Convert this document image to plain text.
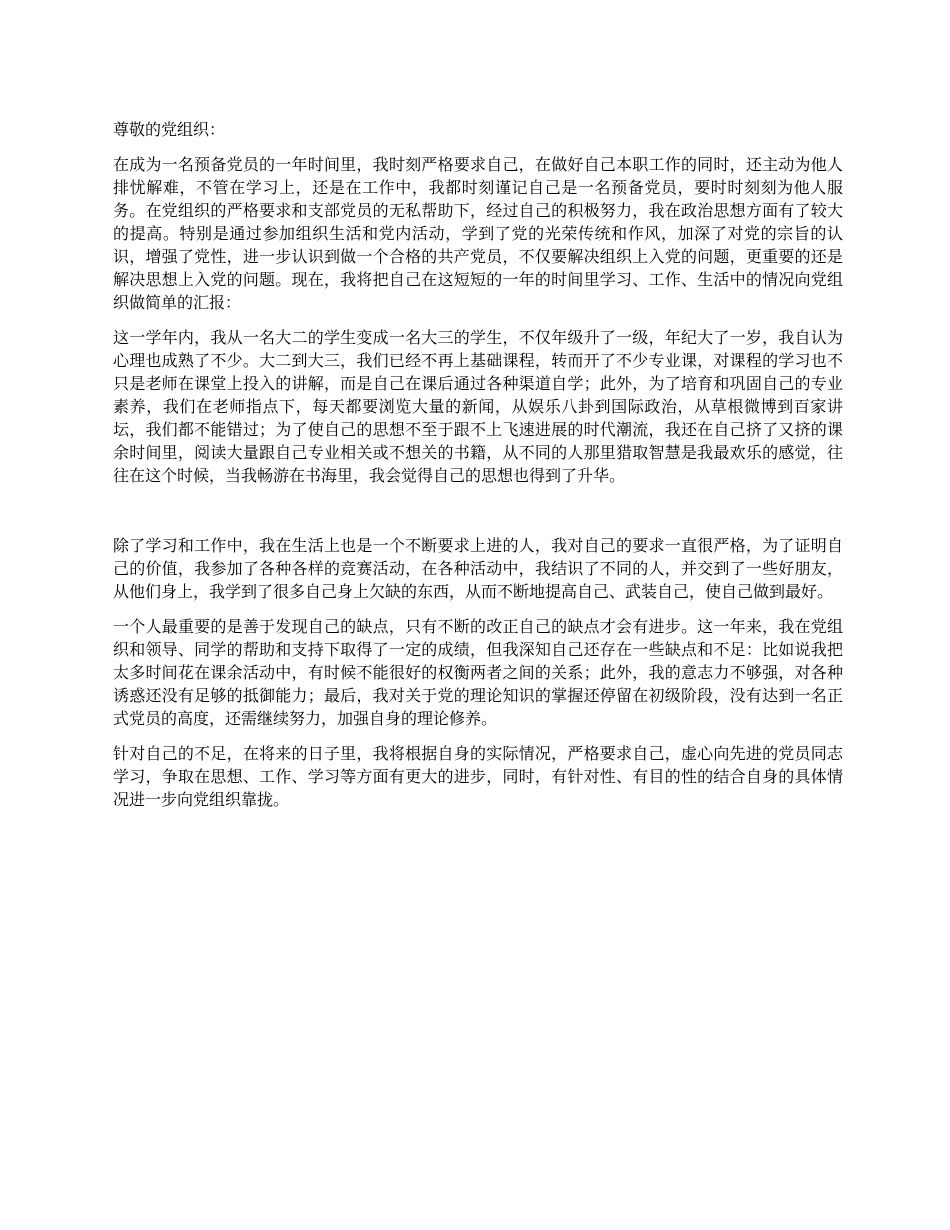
尊敬的党组织：

在成为一名预备党员的一年时间里，我时刻严格要求自己，在做好自己本职工作的同时，还主动为他人排忧解难，不管在学习上，还是在工作中，我都时刻谨记自己是一名预备党员，要时时刻刻为他人服务。在党组织的严格要求和支部党员的无私帮助下，经过自己的积极努力，我在政治思想方面有了较大的提高。特别是通过参加组织生活和党内活动，学到了党的光荣传统和作风，加深了对党的宗旨的认识，增强了党性，进一步认识到做一个合格的共产党员，不仅要解决组织上入党的问题，更重要的还是解决思想上入党的问题。现在，我将把自己在这短短的一年的时间里学习、工作、生活中的情况向党组织做简单的汇报：

这一学年内，我从一名大二的学生变成一名大三的学生，不仅年级升了一级，年纪大了一岁，我自认为心理也成熟了不少。大二到大三，我们已经不再上基础课程，转而开了不少专业课，对课程的学习也不只是老师在课堂上投入的讲解，而是自己在课后通过各种渠道自学；此外，为了培育和巩固自己的专业素养，我们在老师指点下，每天都要浏览大量的新闻，从娱乐八卦到国际政治，从草根微博到百家讲坛，我们都不能错过；为了使自己的思想不至于跟不上飞速进展的时代潮流，我还在自己挤了又挤的课余时间里，阅读大量跟自己专业相关或不想关的书籍，从不同的人那里猎取智慧是我最欢乐的感觉，往往在这个时候，当我畅游在书海里，我会觉得自己的思想也得到了升华。

除了学习和工作中，我在生活上也是一个不断要求上进的人，我对自己的要求一直很严格，为了证明自己的价值，我参加了各种各样的竞赛活动，在各种活动中，我结识了不同的人，并交到了一些好朋友，从他们身上，我学到了很多自己身上欠缺的东西，从而不断地提高自己、武装自己，使自己做到最好。

一个人最重要的是善于发现自己的缺点，只有不断的改正自己的缺点才会有进步。这一年来，我在党组织和领导、同学的帮助和支持下取得了一定的成绩，但我深知自己还存在一些缺点和不足：比如说我把太多时间花在课余活动中，有时候不能很好的权衡两者之间的关系；此外，我的意志力不够强，对各种诱惑还没有足够的抵御能力；最后，我对关于党的理论知识的掌握还停留在初级阶段，没有达到一名正式党员的高度，还需继续努力，加强自身的理论修养。

针对自己的不足，在将来的日子里，我将根据自身的实际情况，严格要求自己，虚心向先进的党员同志学习，争取在思想、工作、学习等方面有更大的进步，同时，有针对性、有目的性的结合自身的具体情况进一步向党组织靠拢。
